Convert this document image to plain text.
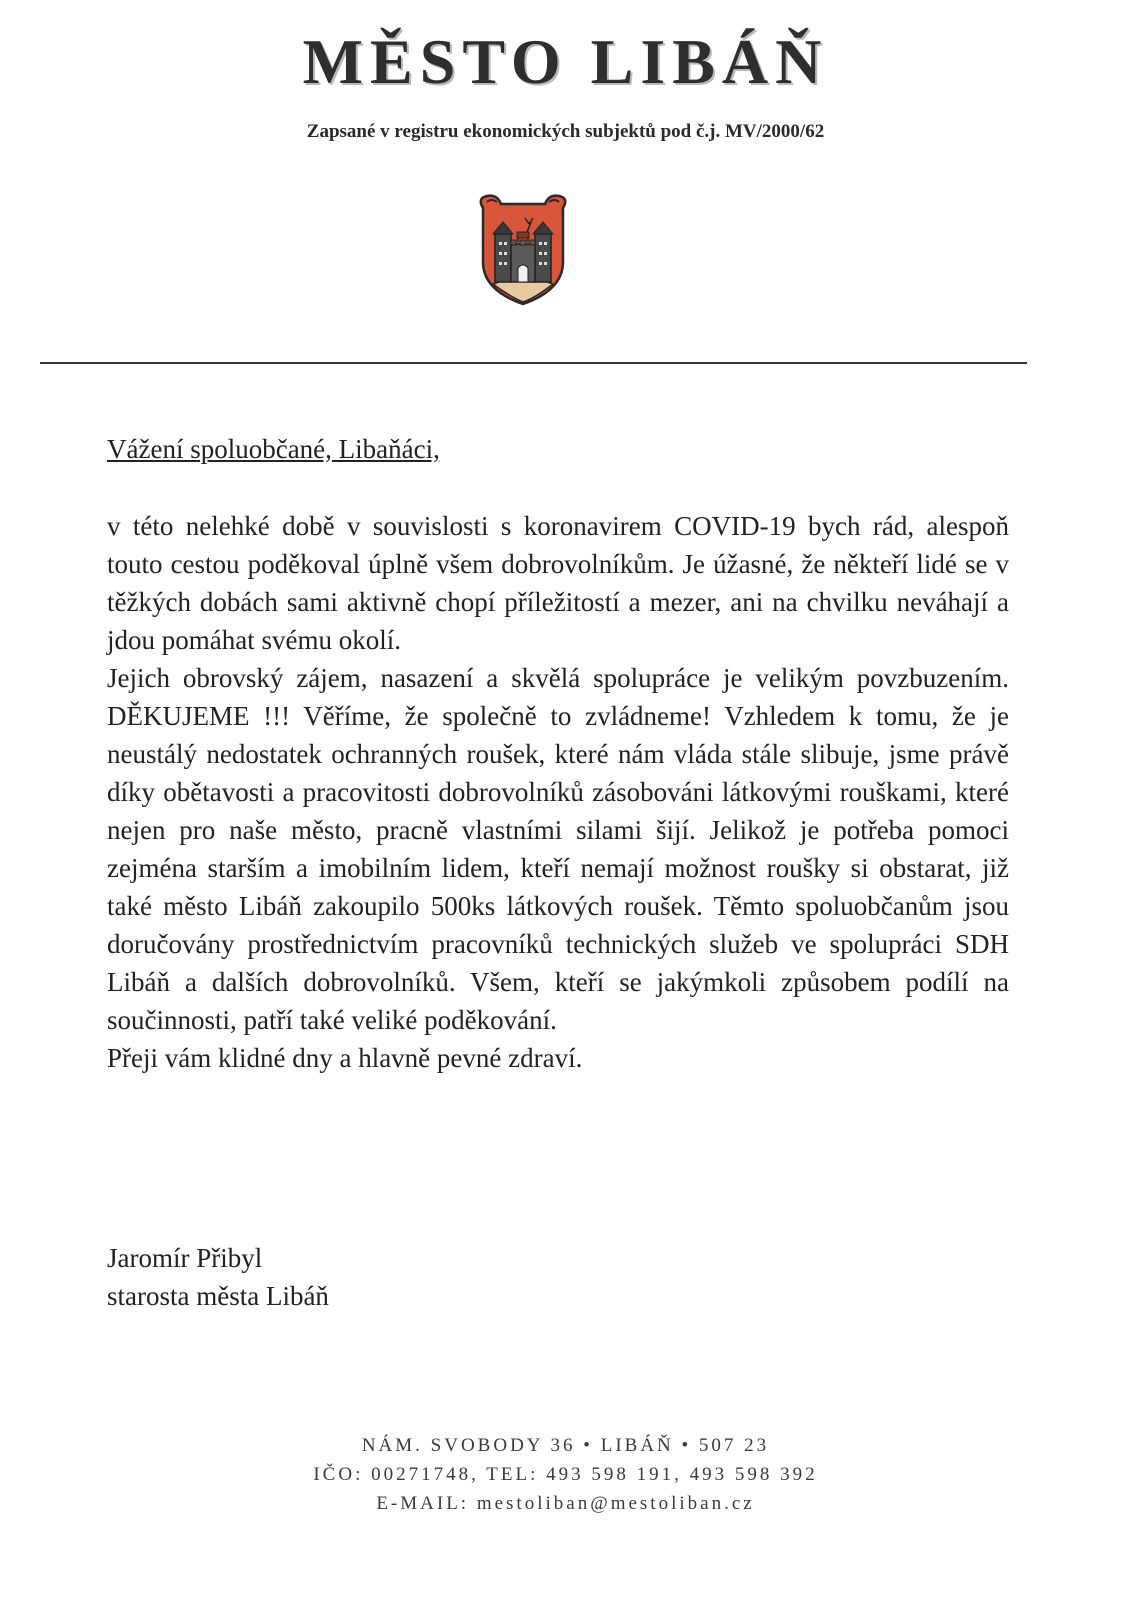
MĚSTO LIBÁŇ
Zapsané v registru ekonomických subjektů pod č.j. MV/2000/62
Vážení spoluobčané, Libaňáci,

v této nelehké době v souvislosti s koronavirem COVID-19 bych rád, alespoň touto cestou poděkoval úplně všem dobrovolníkům. Je úžasné, že někteří lidé se v těžkých dobách sami aktivně chopí příležitostí a mezer, ani na chvilku neváhají a jdou pomáhat svému okolí.

Jejich obrovský zájem, nasazení a skvělá spolupráce je velikým povzbuzením. DĚKUJEME !!! Věříme, že společně to zvládneme! Vzhledem k tomu, že je neustálý nedostatek ochranných roušek, které nám vláda stále slibuje, jsme právě díky obětavosti a pracovitosti dobrovolníků zásobováni látkovými rouškami, které nejen pro naše město, pracně vlastními silami šijí. Jelikož je potřeba pomoci zejména starším a imobilním lidem, kteří nemají možnost roušky si obstarat, již také město Libáň zakoupilo 500ks látkových roušek. Těmto spoluobčanům jsou doručovány prostřednictvím pracovníků technických služeb ve spolupráci SDH Libáň a dalších dobrovolníků. Všem, kteří se jakýmkoli způsobem podílí na součinnosti, patří také veliké poděkování.

Přeji vám klidné dny a hlavně pevné zdraví.

Jaromír Přibyl
starosta města Libáň
NÁM. SVOBODY 36 • LIBÁŇ • 507 23
IČO: 00271748, TEL: 493 598 191, 493 598 392
E-MAIL: mestoliban@mestoliban.cz
